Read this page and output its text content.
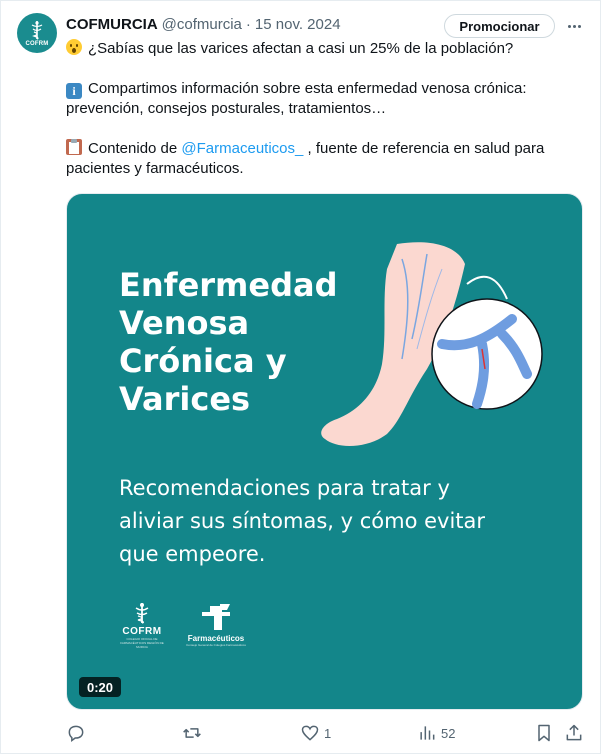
COFRM
COFMURCIA @cofmurcia · 15 nov. 2024	Promocionar
¿Sabías que las varices afectan a casi un 25% de la población?
i Compartimos información sobre esta enfermedad venosa crónica: prevención, consejos posturales, tratamientos…
Contenido de @Farmaceuticos_ , fuente de referencia en salud para pacientes y farmacéuticos.
Enfermedad Venosa Crónica y Varices
Recomendaciones para tratar y aliviar sus síntomas, y cómo evitar que empeore.
COFRM
COLEGIO OFICIAL DE FARMACÉUTICOS REGIÓN DE MURCIA
Farmacéuticos
Consejo General de Colegios Farmacéuticos
0:20
1	52
